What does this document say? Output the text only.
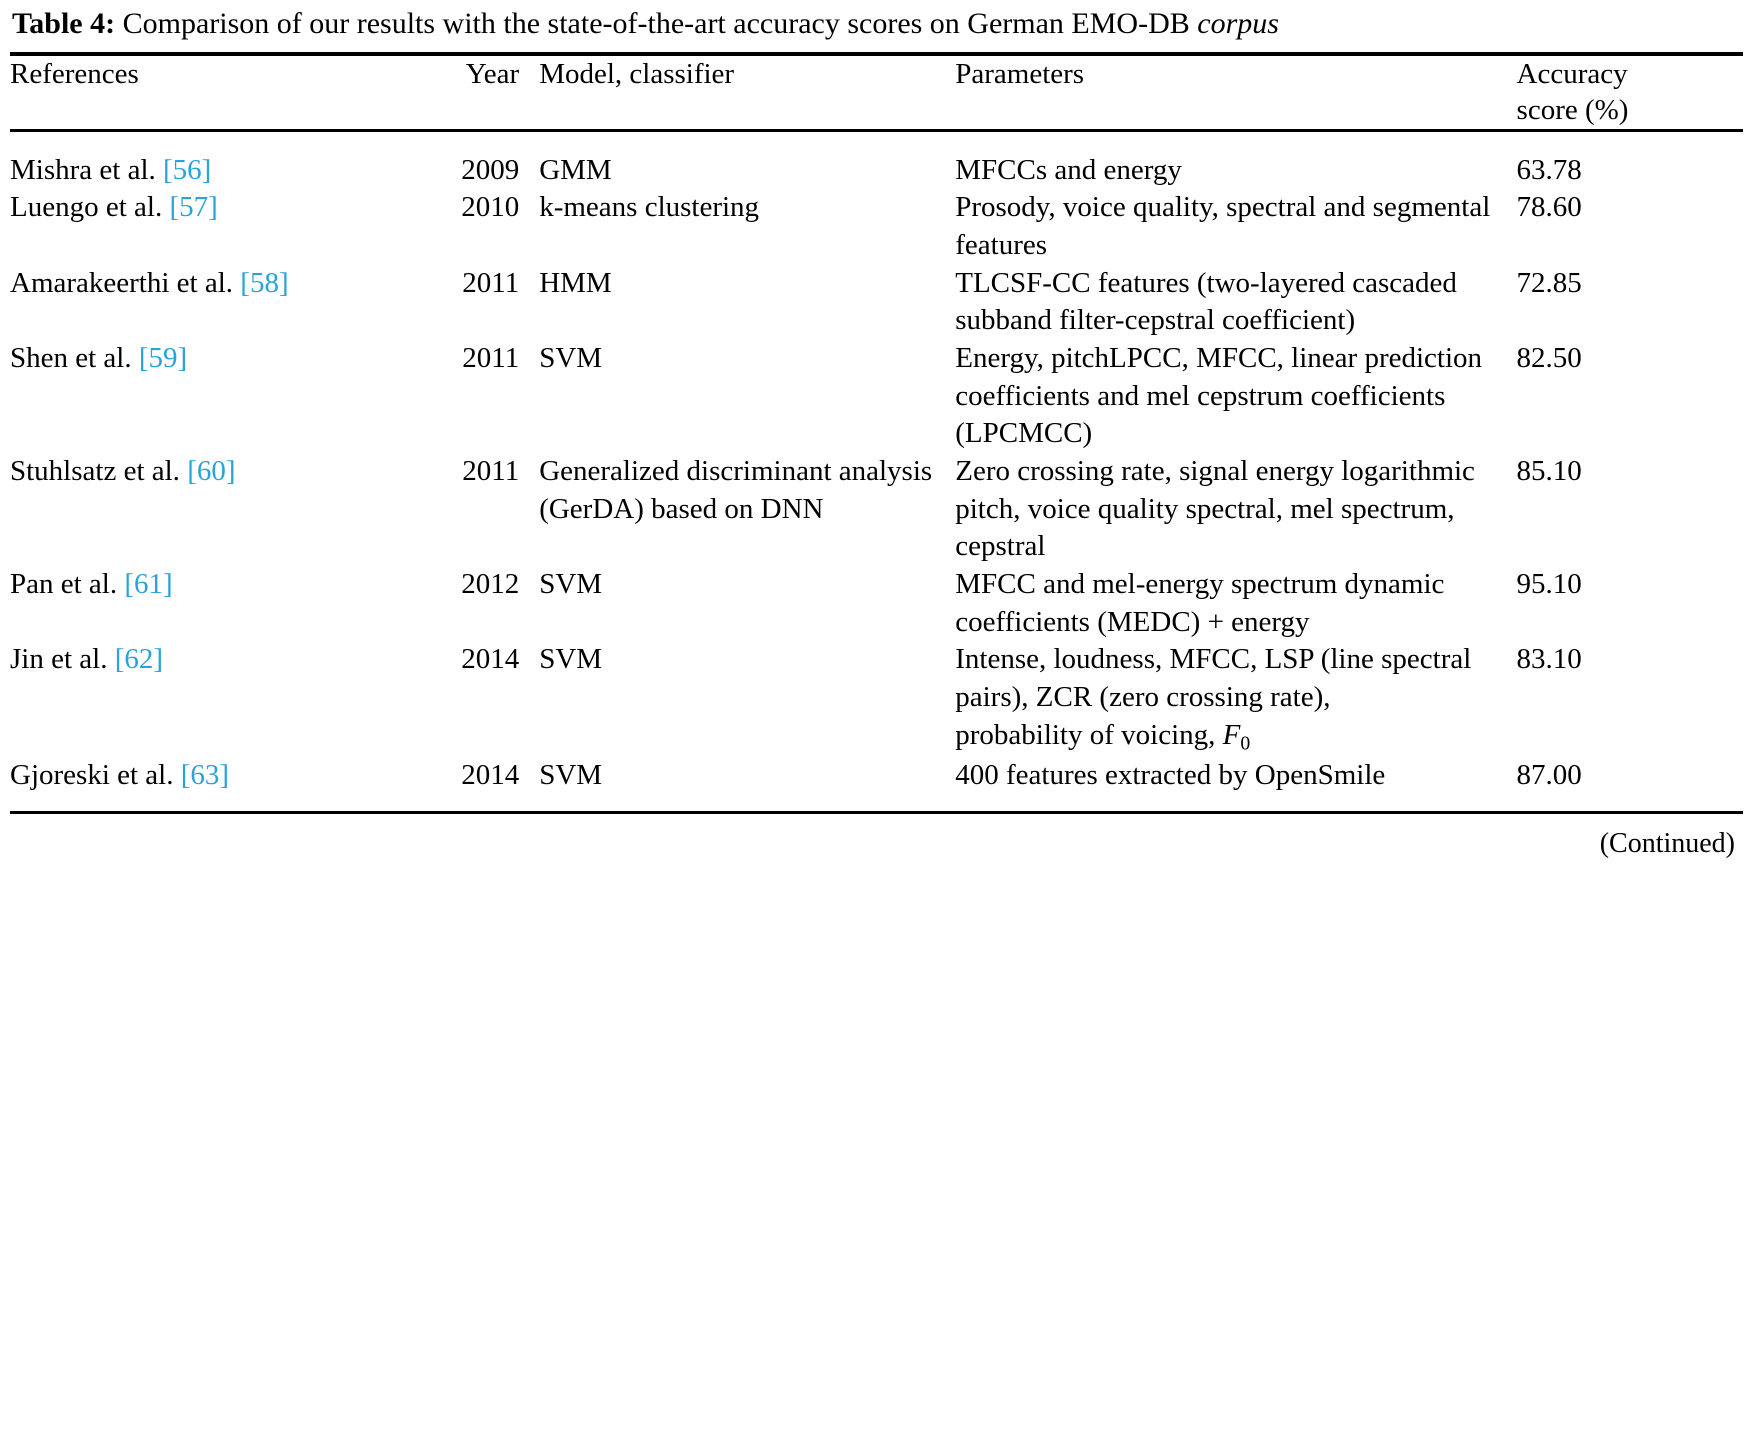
Table 4: Comparison of our results with the state-of-the-art accuracy scores on German EMO-DB corpus
References	Year	Model, classifier	Parameters	Accuracy
score (%)

Mishra et al. [56]	2009	GMM	MFCCs and energy	63.78
Luengo et al. [57]	2010	k-means clustering	Prosody, voice quality, spectral and segmental features	78.60
Amarakeerthi et al. [58]	2011	HMM	TLCSF-CC features (two-layered cascaded subband filter-cepstral coefficient)	72.85
Shen et al. [59]	2011	SVM	Energy, pitchLPCC, MFCC, linear prediction coefficients and mel cepstrum coefficients (LPCMCC)	82.50
Stuhlsatz et al. [60]	2011	Generalized discriminant analysis (GerDA) based on DNN	Zero crossing rate, signal energy logarithmic pitch, voice quality spectral, mel spectrum, cepstral	85.10
Pan et al. [61]	2012	SVM	MFCC and mel-energy spectrum dynamic coefficients (MEDC) + energy	95.10
Jin et al. [62]	2014	SVM	Intense, loudness, MFCC, LSP (line spectral pairs), ZCR (zero crossing rate),
probability of voicing, $F_0$	83.10
Gjoreski et al. [63]	2014	SVM	400 features extracted by OpenSmile	87.00
(Continued)
